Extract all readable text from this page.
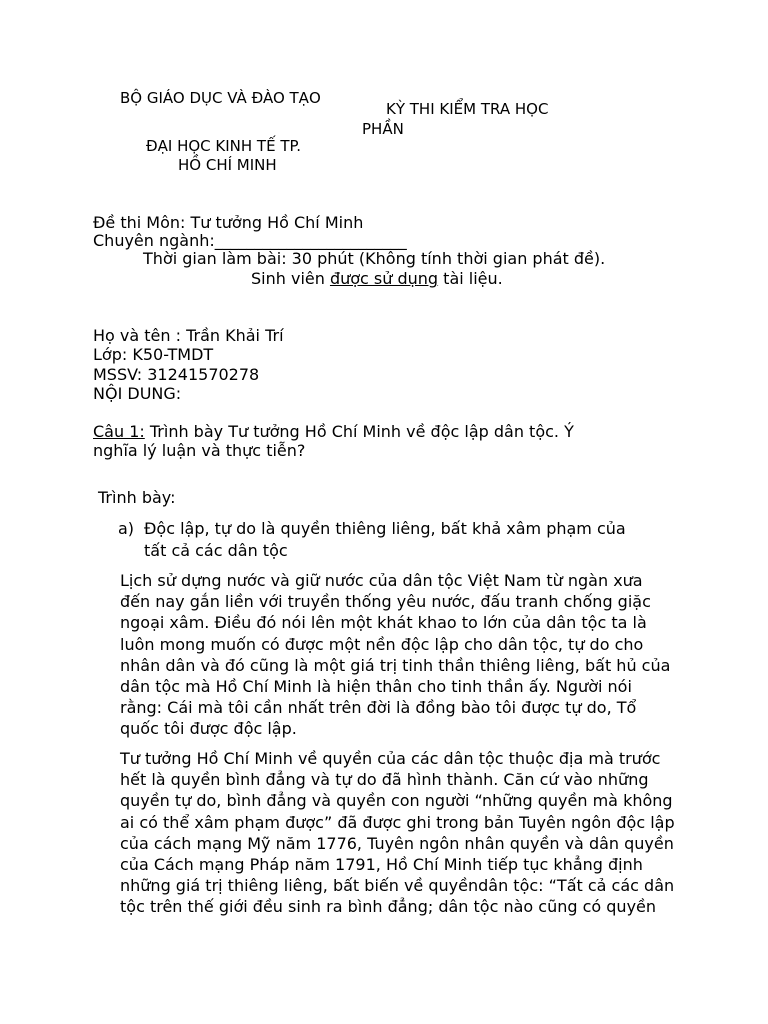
BỘ GIÁO DỤC VÀ ĐÀO TẠO
KỲ THI KIỂM TRA HỌC
PHẦN
ĐẠI HỌC KINH TẾ TP.
HỒ CHÍ MINH
Đề thi Môn: Tư tưởng Hồ Chí Minh
Chuyên ngành:________________________
Thời gian làm bài: 30 phút (Không tính thời gian phát đề).
Sinh viên được sử dụng tài liệu.
Họ và tên : Trần Khải Trí
Lớp: K50-TMDT
MSSV: 31241570278
NỘI DUNG:
Câu 1: Trình bày Tư tưởng Hồ Chí Minh về độc lập dân tộc. Ý
nghĩa lý luận và thực tiễn?
Trình bày:
a) Độc lập, tự do là quyền thiêng liêng, bất khả xâm phạm của
tất cả các dân tộc

Lịch sử dựng nước và giữ nước của dân tộc Việt Nam từ ngàn xưa

đến nay gắn liền với truyền thống yêu nước, đấu tranh chống giặc

ngoại xâm. Điều đó nói lên một khát khao to lớn của dân tộc ta là

luôn mong muốn có được một nền độc lập cho dân tộc, tự do cho

nhân dân và đó cũng là một giá trị tinh thần thiêng liêng, bất hủ của

dân tộc mà Hồ Chí Minh là hiện thân cho tinh thần ấy. Người nói

rằng: Cái mà tôi cần nhất trên đời là đồng bào tôi được tự do, Tổ

quốc tôi được độc lập.

Tư tưởng Hồ Chí Minh về quyền của các dân tộc thuộc địa mà trước

hết là quyền bình đẳng và tự do đã hình thành. Căn cứ vào những

quyền tự do, bình đẳng và quyền con người “những quyền mà không

ai có thể xâm phạm được” đã được ghi trong bản Tuyên ngôn độc lập

của cách mạng Mỹ năm 1776, Tuyên ngôn nhân quyền và dân quyền

của Cách mạng Pháp năm 1791, Hồ Chí Minh tiếp tục khẳng định

những giá trị thiêng liêng, bất biến về quyềndân tộc: “Tất cả các dân

tộc trên thế giới đều sinh ra bình đẳng; dân tộc nào cũng có quyền
